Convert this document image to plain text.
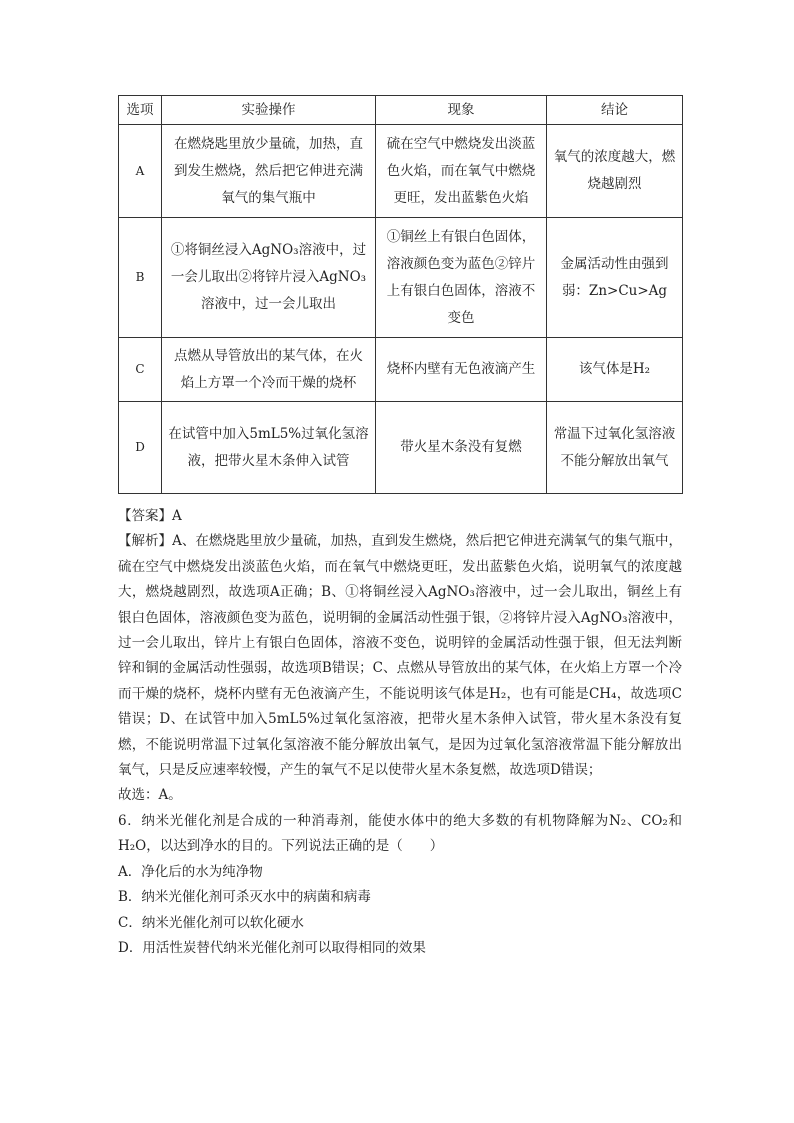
选项	实验操作	现象	结论
A	在燃烧匙里放少量硫，加热，直到发生燃烧，然后把它伸进充满氧气的集气瓶中	硫在空气中燃烧发出淡蓝色火焰，而在氧气中燃烧更旺，发出蓝紫色火焰	氧气的浓度越大，燃烧越剧烈
B	①将铜丝浸入AgNO₃溶液中，过一会儿取出②将锌片浸入AgNO₃溶液中，过一会儿取出	①铜丝上有银白色固体，溶液颜色变为蓝色②锌片上有银白色固体，溶液不变色	金属活动性由强到弱：Zn>Cu>Ag
C	点燃从导管放出的某气体，在火焰上方罩一个冷而干燥的烧杯	烧杯内壁有无色液滴产生	该气体是H₂
D	在试管中加入5mL5%过氧化氢溶液，把带火星木条伸入试管	带火星木条没有复燃	常温下过氧化氢溶液不能分解放出氧气

【答案】A

【解析】A、在燃烧匙里放少量硫，加热，直到发生燃烧，然后把它伸进充满氧气的集气瓶中，硫在空气中燃烧发出淡蓝色火焰，而在氧气中燃烧更旺，发出蓝紫色火焰，说明氧气的浓度越大，燃烧越剧烈，故选项A正确；B、①将铜丝浸入AgNO₃溶液中，过一会儿取出，铜丝上有银白色固体，溶液颜色变为蓝色，说明铜的金属活动性强于银，②将锌片浸入AgNO₃溶液中，过一会儿取出，锌片上有银白色固体，溶液不变色，说明锌的金属活动性强于银，但无法判断锌和铜的金属活动性强弱，故选项B错误；C、点燃从导管放出的某气体，在火焰上方罩一个冷而干燥的烧杯，烧杯内壁有无色液滴产生，不能说明该气体是H₂，也有可能是CH₄，故选项C错误；D、在试管中加入5mL5%过氧化氢溶液，把带火星木条伸入试管，带火星木条没有复燃，不能说明常温下过氧化氢溶液不能分解放出氧气，是因为过氧化氢溶液常温下能分解放出氧气，只是反应速率较慢，产生的氧气不足以使带火星木条复燃，故选项D错误；

故选：A。

6．纳米光催化剂是合成的一种消毒剂，能使水体中的绝大多数的有机物降解为N₂、CO₂和H₂O，以达到净水的目的。下列说法正确的是（　　）

A．净化后的水为纯净物

B．纳米光催化剂可杀灭水中的病菌和病毒

C．纳米光催化剂可以软化硬水

D．用活性炭替代纳米光催化剂可以取得相同的效果
